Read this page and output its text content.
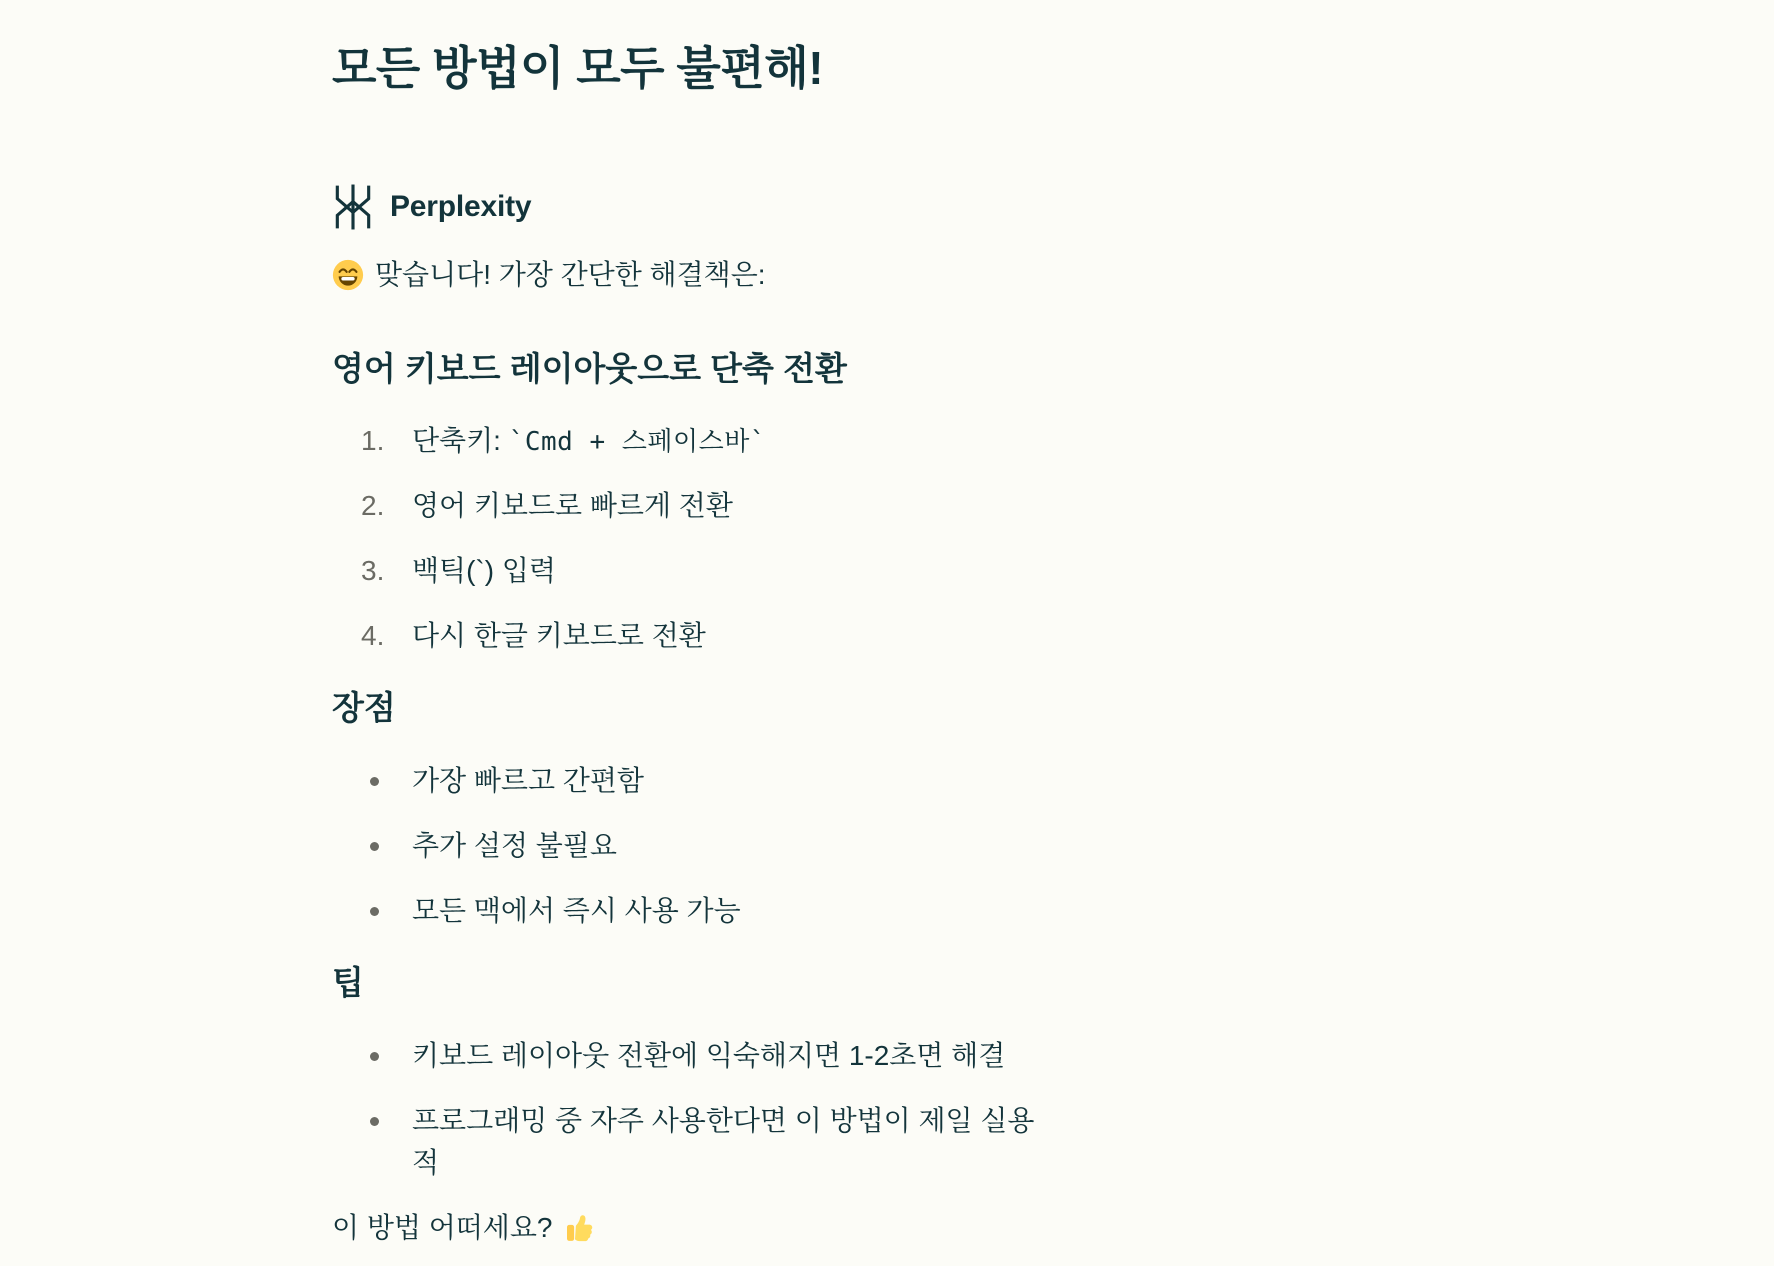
모든 방법이 모두 불편해!
Perplexity
맞습니다! 가장 간단한 해결책은:
영어 키보드 레이아웃으로 단축 전환
단축키: `Cmd + 스페이스바`
영어 키보드로 빠르게 전환
백틱(`) 입력
다시 한글 키보드로 전환
장점
가장 빠르고 간편함
추가 설정 불필요
모든 맥에서 즉시 사용 가능
팁
키보드 레이아웃 전환에 익숙해지면 1-2초면 해결
프로그래밍 중 자주 사용한다면 이 방법이 제일 실용적
이 방법 어떠세요?
